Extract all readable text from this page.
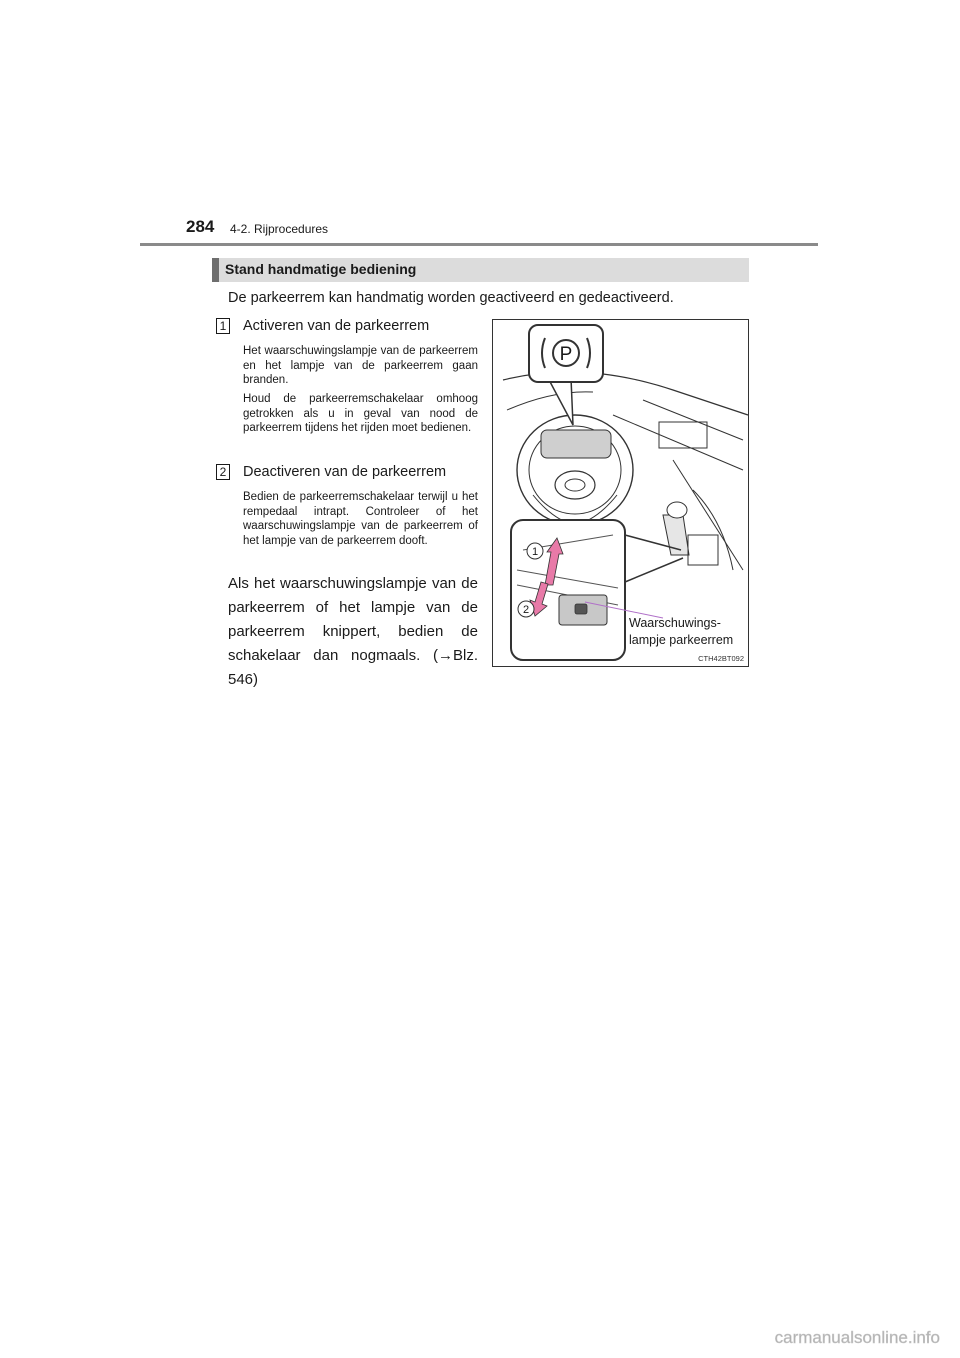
284 4-2. Rijprocedures
Stand handmatige bediening
De parkeerrem kan handmatig worden geactiveerd en gedeactiveerd.
1 Activeren van de parkeerrem

Het waarschuwingslampje van de parkeerrem en het lampje van de parkeerrem gaan branden.

Houd de parkeerremschakelaar omhoog getrokken als u in geval van nood de parkeerrem tijdens het rijden moet bedienen.

2 Deactiveren van de parkeerrem

Bedien de parkeerremschakelaar terwijl u het rempedaal intrapt. Controleer of het waarschuwingslampje van de parkeerrem of het lampje van de parkeerrem dooft.

Als het waarschuwingslampje van de parkeerrem of het lampje van de parkeerrem knippert, bedien de schakelaar dan nogmaals. (→Blz. 546)
P
1
2
Waarschuwings-
lampje parkeerrem
CTH42BT092
carmanualsonline.info
